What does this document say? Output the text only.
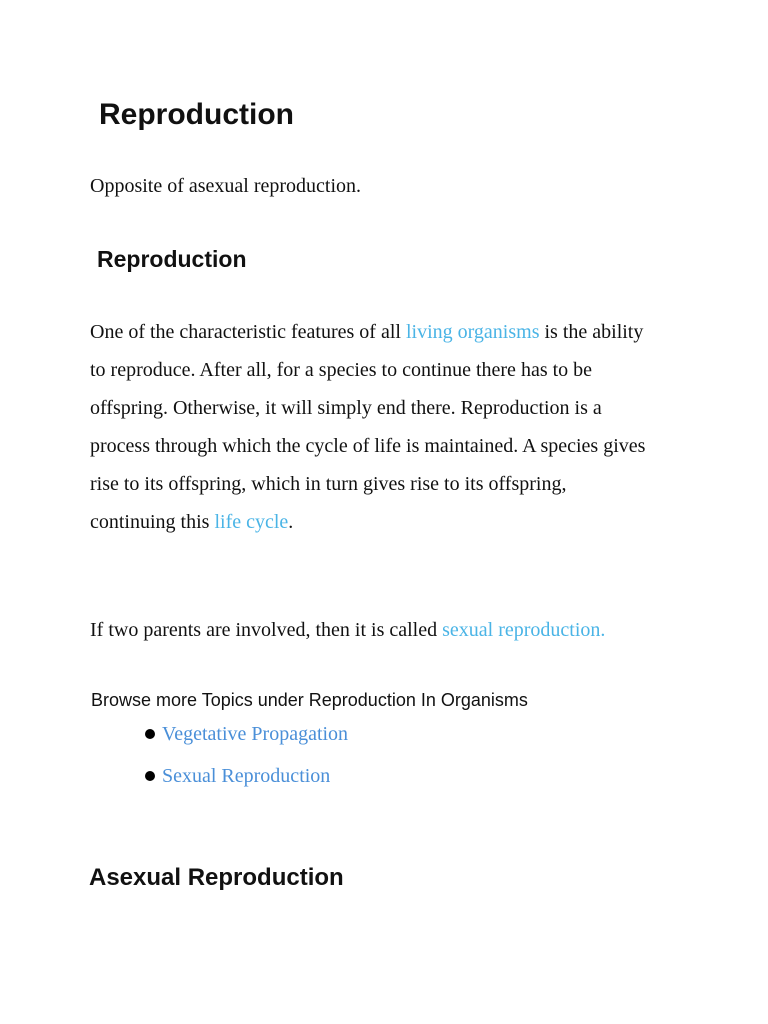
Reproduction

Opposite of asexual reproduction.

Reproduction
One of the characteristic features of all living organisms is the ability
to reproduce. After all, for a species to continue there has to be
offspring. Otherwise, it will simply end there. Reproduction is a
process through which the cycle of life is maintained. A species gives
rise to its offspring, which in turn gives rise to its offspring,
continuing this life cycle.

If two parents are involved, then it is called sexual reproduction.

Browse more Topics under Reproduction In Organisms

Vegetative Propagation
Sexual Reproduction
Asexual Reproduction
